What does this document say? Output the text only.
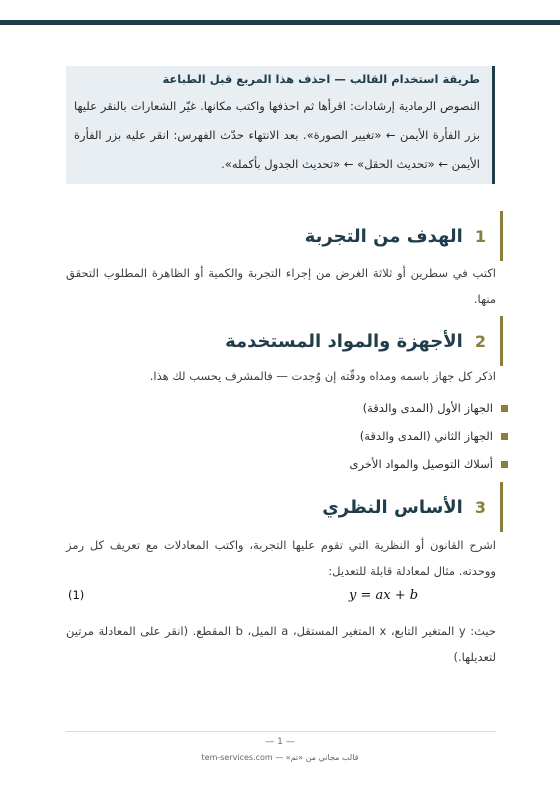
طريقة استخدام القالب — احذف هذا المربع قبل الطباعة
النصوص الرمادية إرشادات: اقرأها ثم احذفها واكتب مكانها. غيّر الشعارات بالنقر عليها بزر الفأرة الأيمن ← «تغيير الصورة». بعد الانتهاء حدّث الفهرس: انقر عليه بزر الفأرة الأيمن ← «تحديث الحقل» ← «تحديث الجدول بأكمله».
1
الهدف من التجربة
اكتب في سطرين أو ثلاثة الغرض من إجراء التجربة والكمية أو الظاهرة المطلوب التحقق منها.
2
الأجهزة والمواد المستخدمة
اذكر كل جهاز باسمه ومداه ودقّته إن وُجدت — فالمشرف يحسب لك هذا.
الجهاز الأول (المدى والدقة)
الجهاز الثاني (المدى والدقة)
أسلاك التوصيل والمواد الأخرى
3
الأساس النظري
اشرح القانون أو النظرية التي تقوم عليها التجربة، واكتب المعادلات مع تعريف كل رمز ووحدته. مثال لمعادلة قابلة للتعديل:
y = ax + b
(1)
حيث: y المتغير التابع، x المتغير المستقل، a الميل، b المقطع. (انقر على المعادلة مرتين لتعديلها.)
— 1 —
قالب مجاني من «تم» — tem-services.com
